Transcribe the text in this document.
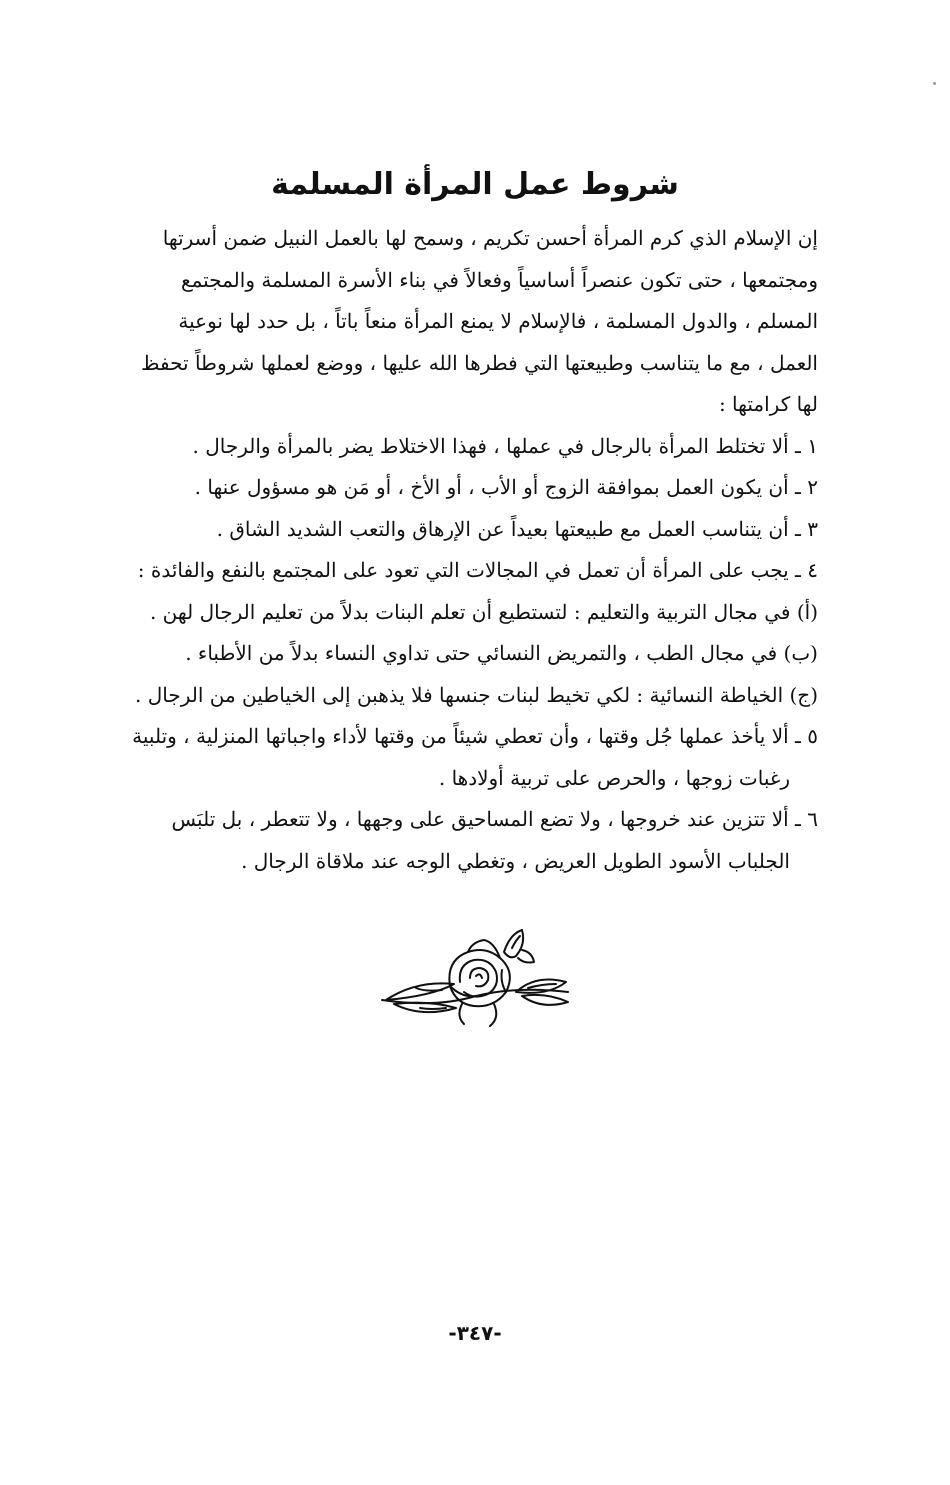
شروط عمل المرأة المسلمة

إن الإسلام الذي كرم المرأة أحسن تكريم ، وسمح لها بالعمل النبيل ضمن أسرتها

ومجتمعها ، حتى تكون عنصراً أساسياً وفعالاً في بناء الأسرة المسلمة والمجتمع

المسلم ، والدول المسلمة ، فالإسلام لا يمنع المرأة منعاً باتاً ، بل حدد لها نوعية

العمل ، مع ما يتناسب وطبيعتها التي فطرها الله عليها ، ووضع لعملها شروطاً تحفظ

لها كرامتها :

١ ـ ألا تختلط المرأة بالرجال في عملها ، فهذا الاختلاط يضر بالمرأة والرجال .
٢ ـ أن يكون العمل بموافقة الزوج أو الأب ، أو الأخ ، أو مَن هو مسؤول عنها .
٣ ـ أن يتناسب العمل مع طبيعتها بعيداً عن الإرهاق والتعب الشديد الشاق .
٤ ـ يجب على المرأة أن تعمل في المجالات التي تعود على المجتمع بالنفع والفائدة :
(أ) في مجال التربية والتعليم : لتستطيع أن تعلم البنات بدلاً من تعليم الرجال لهن .
(ب) في مجال الطب ، والتمريض النسائي حتى تداوي النساء بدلاً من الأطباء .
(ج) الخياطة النسائية : لكي تخيط لبنات جنسها فلا يذهبن إلى الخياطين من الرجال .
٥ ـ ألا يأخذ عملها جُل وقتها ، وأن تعطي شيئاً من وقتها لأداء واجباتها المنزلية ، وتلبية
رغبات زوجها ، والحرص على تربية أولادها .
٦ ـ ألا تتزين عند خروجها ، ولا تضع المساحيق على وجهها ، ولا تتعطر ، بل تلبَس
الجلباب الأسود الطويل العريض ، وتغطي الوجه عند ملاقاة الرجال .
-٣٤٧-
